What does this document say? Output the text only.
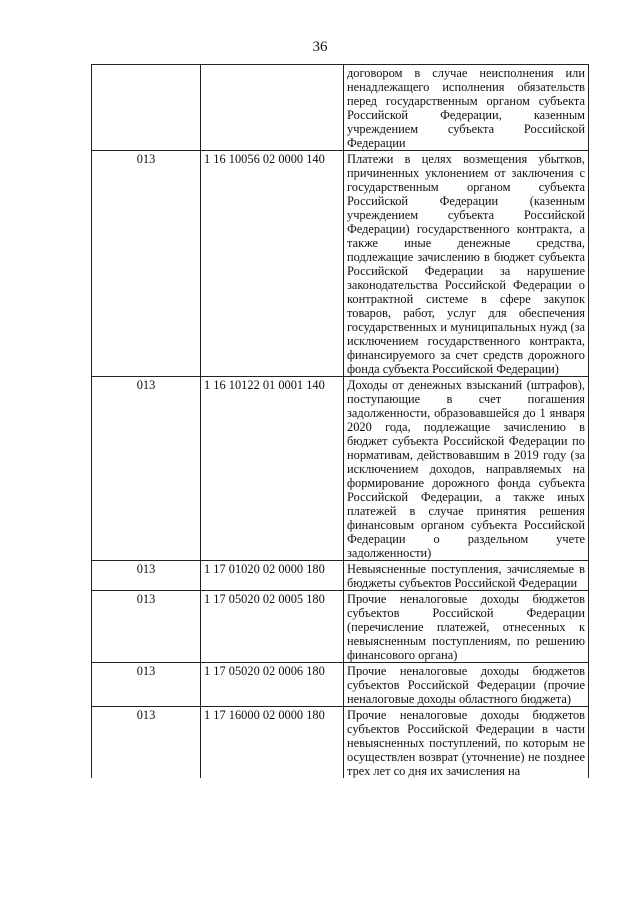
36
		договором в случае неисполнения или ненадлежащего исполнения обязательств перед государственным органом субъекта Российской Федерации, казенным учреждением субъекта Российской Федерации
013	1 16 10056 02 0000 140	Платежи в целях возмещения убытков, причиненных уклонением от заключения с государственным органом субъекта Российской Федерации (казенным учреждением субъекта Российской Федерации) государственного контракта, а также иные денежные средства, подлежащие зачислению в бюджет субъекта Российской Федерации за нарушение законодательства Российской Федерации о контрактной системе в сфере закупок товаров, работ, услуг для обеспечения государственных и муниципальных нужд (за исключением государственного контракта, финансируемого за счет средств дорожного фонда субъекта Российской Федерации)
013	1 16 10122 01 0001 140	Доходы от денежных взысканий (штрафов), поступающие в счет погашения задолженности, образовавшейся до 1 января 2020 года, подлежащие зачислению в бюджет субъекта Российской Федерации по нормативам, действовавшим в 2019 году (за исключением доходов, направляемых на формирование дорожного фонда субъекта Российской Федерации, а также иных платежей в случае принятия решения финансовым органом субъекта Российской Федерации о раздельном учете задолженности)
013	1 17 01020 02 0000 180	Невыясненные поступления, зачисляемые в бюджеты субъектов Российской Федерации
013	1 17 05020 02 0005 180	Прочие неналоговые доходы бюджетов субъектов Российской Федерации (перечисление платежей, отнесенных к невыясненным поступлениям, по решению финансового органа)
013	1 17 05020 02 0006 180	Прочие неналоговые доходы бюджетов субъектов Российской Федерации (прочие неналоговые доходы областного бюджета)
013	1 17 16000 02 0000 180	Прочие неналоговые доходы бюджетов субъектов Российской Федерации в части невыясненных поступлений, по которым не осуществлен возврат (уточнение) не позднее трех лет со дня их зачисления на
